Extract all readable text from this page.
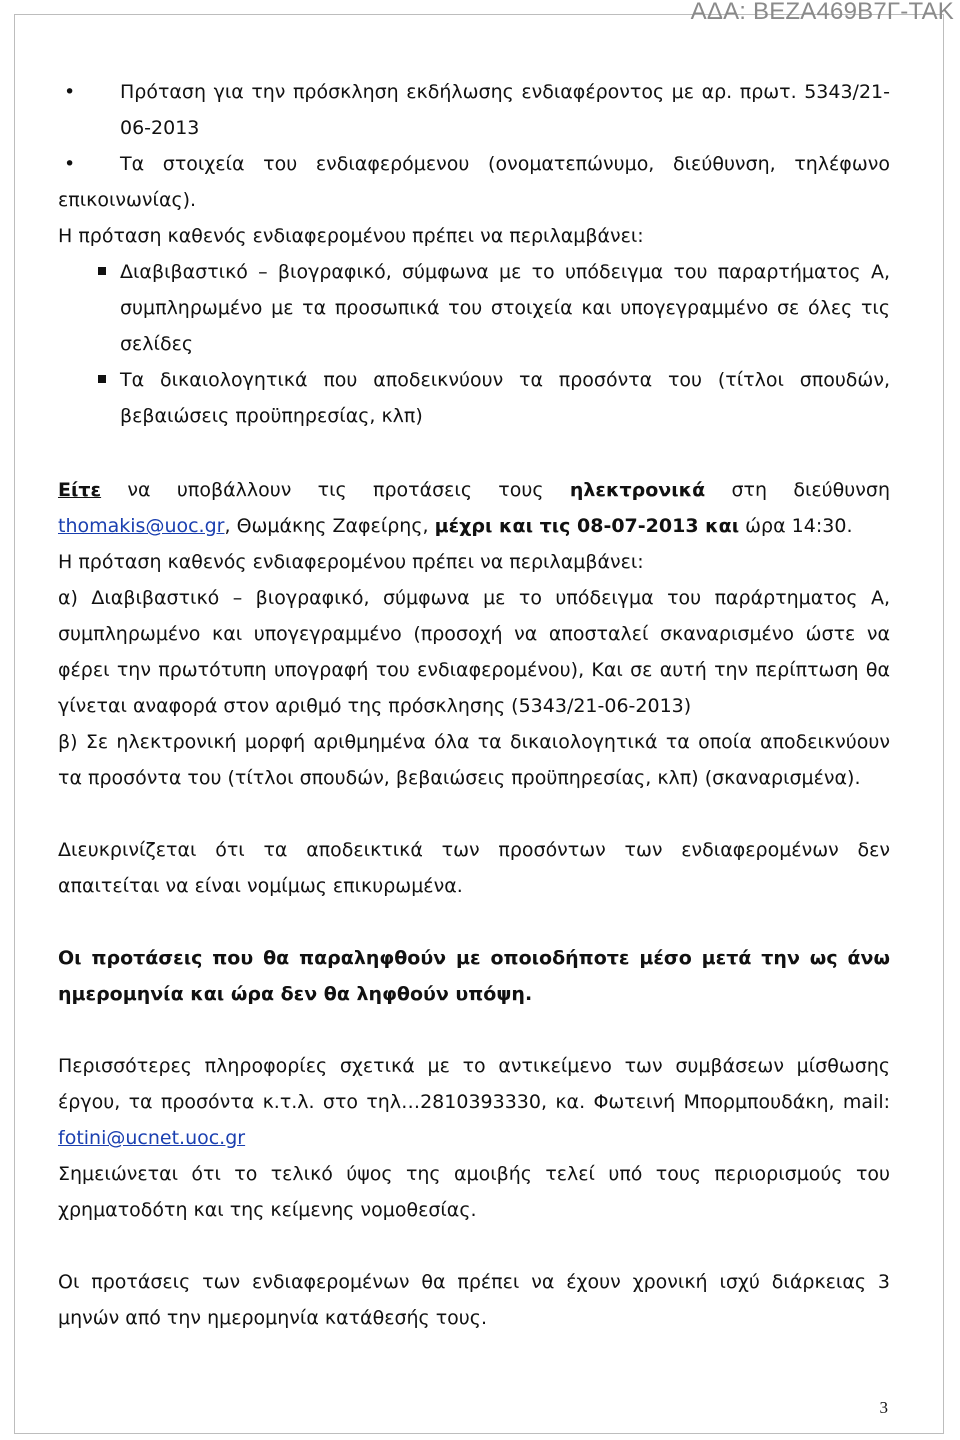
ΑΔΑ: ΒΕΖΑ469Β7Γ-ΤΑΚ

• Πρόταση για την πρόσκληση εκδήλωσης ενδιαφέροντος με αρ. πρωτ. 5343/21-06-2013

• Τα στοιχεία του ενδιαφερόμενου (ονοματεπώνυμο, διεύθυνση, τηλέφωνο επικοινωνίας).

Η πρόταση καθενός ενδιαφερομένου πρέπει να περιλαμβάνει:

Διαβιβαστικό – βιογραφικό, σύμφωνα με το υπόδειγμα του παραρτήματος Α, συμπληρωμένο με τα προσωπικά του στοιχεία και υπογεγραμμένο σε όλες τις σελίδες

Τα δικαιολογητικά που αποδεικνύουν τα προσόντα του (τίτλοι σπουδών, βεβαιώσεις προϋπηρεσίας, κλπ)

Είτε να υποβάλλουν τις προτάσεις τους ηλεκτρονικά στη διεύθυνση thomakis@uoc.gr, Θωμάκης Ζαφείρης, μέχρι και τις 08-07-2013 και ώρα 14:30.

Η πρόταση καθενός ενδιαφερομένου πρέπει να περιλαμβάνει:

α) Διαβιβαστικό – βιογραφικό, σύμφωνα με το υπόδειγμα του παράρτηματος Α, συμπληρωμένο και υπογεγραμμένο (προσοχή να αποσταλεί σκαναρισμένο ώστε να φέρει την πρωτότυπη υπογραφή του ενδιαφερομένου), Και σε αυτή την περίπτωση θα γίνεται αναφορά στον αριθμό της πρόσκλησης (5343/21-06-2013)

β) Σε ηλεκτρονική μορφή αριθμημένα όλα τα δικαιολογητικά τα οποία αποδεικνύουν τα προσόντα του (τίτλοι σπουδών, βεβαιώσεις προϋπηρεσίας, κλπ) (σκαναρισμένα).

Διευκρινίζεται ότι τα αποδεικτικά των προσόντων των ενδιαφερομένων δεν απαιτείται να είναι νομίμως επικυρωμένα.

Οι προτάσεις που θα παραληφθούν με οποιοδήποτε μέσο μετά την ως άνω ημερομηνία και ώρα δεν θα ληφθούν υπόψη.

Περισσότερες πληροφορίες σχετικά με το αντικείμενο των συμβάσεων μίσθωσης έργου, τα προσόντα κ.τ.λ. στο τηλ…2810393330, κα. Φωτεινή Μπορμπουδάκη, mail: fotini@ucnet.uoc.gr

Σημειώνεται ότι το τελικό ύψος της αμοιβής τελεί υπό τους περιορισμούς του χρηματοδότη και της κείμενης νομοθεσίας.

Οι προτάσεις των ενδιαφερομένων θα πρέπει να έχουν χρονική ισχύ διάρκειας 3 μηνών από την ημερομηνία κατάθεσής τους.

3
